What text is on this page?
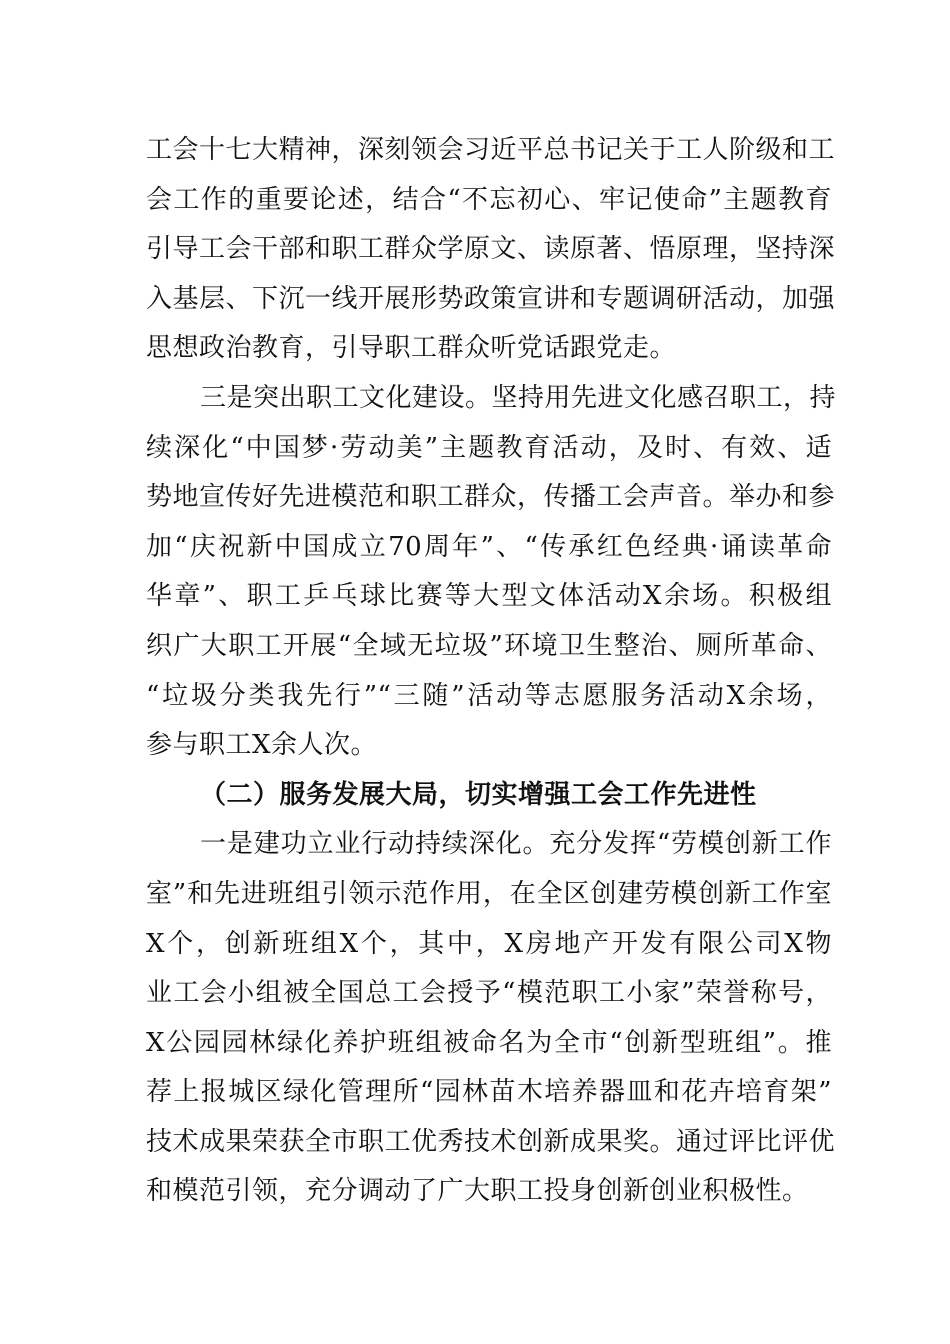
工会十七大精神，深刻领会习近平总书记关于工人阶级和工
会工作的重要论述，结合“不忘初心、牢记使命”主题教育
引导工会干部和职工群众学原文、读原著、悟原理，坚持深
入基层、下沉一线开展形势政策宣讲和专题调研活动，加强
思想政治教育，引导职工群众听党话跟党走。
三是突出职工文化建设。坚持用先进文化感召职工，持
续深化“中国梦·劳动美”主题教育活动，及时、有效、适
势地宣传好先进模范和职工群众，传播工会声音。举办和参
加“庆祝新中国成立70周年”、“传承红色经典·诵读革命
华章”、职工乒乓球比赛等大型文体活动X余场。积极组
织广大职工开展“全域无垃圾”环境卫生整治、厕所革命、
“垃圾分类我先行”“三随”活动等志愿服务活动X余场，
参与职工X余人次。
（二）服务发展大局，切实增强工会工作先进性
一是建功立业行动持续深化。充分发挥“劳模创新工作
室”和先进班组引领示范作用，在全区创建劳模创新工作室
X个，创新班组X个，其中，X房地产开发有限公司X物
业工会小组被全国总工会授予“模范职工小家”荣誉称号，
X公园园林绿化养护班组被命名为全市“创新型班组”。推
荐上报城区绿化管理所“园林苗木培养器皿和花卉培育架”
技术成果荣获全市职工优秀技术创新成果奖。通过评比评优
和模范引领，充分调动了广大职工投身创新创业积极性。
